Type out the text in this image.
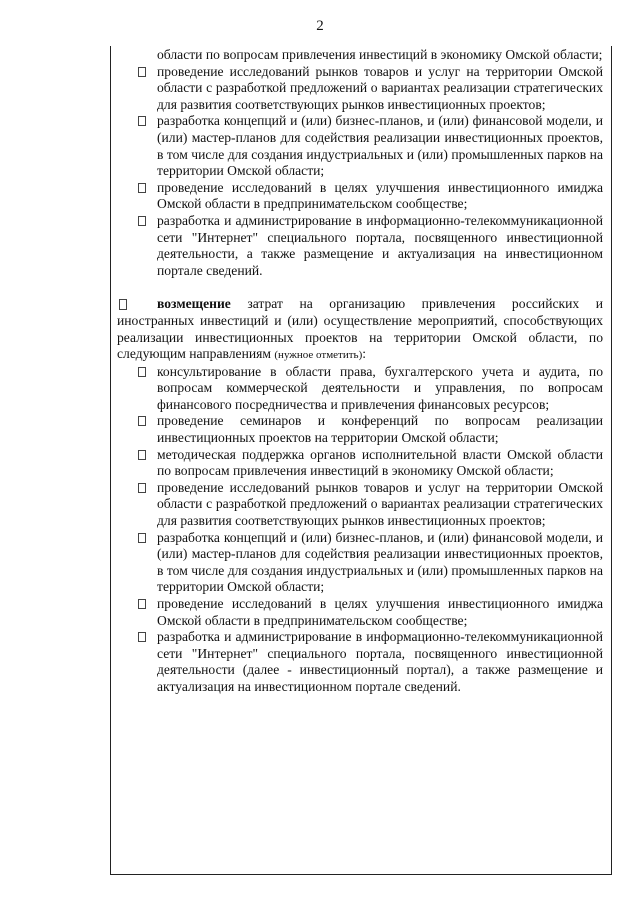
2
области по вопросам привлечения инвестиций в экономику Омской области;
проведение исследований рынков товаров и услуг на территории Омской области с разработкой предложений о вариантах реализации стратегических для развития соответствующих рынков инвестиционных проектов;
разработка концепций и (или) бизнес-планов, и (или) финансовой модели, и (или) мастер-планов для содействия реализации инвестиционных проектов, в том числе для создания индустриальных и (или) промышленных парков на территории Омской области;
проведение исследований в целях улучшения инвестиционного имиджа Омской области в предпринимательском сообществе;
разработка и администрирование в информационно-телекоммуникационной сети "Интернет" специального портала, посвященного инвестиционной деятельности, а также размещение и актуализация на инвестиционном портале сведений.
возмещение затрат на организацию привлечения российских и иностранных инвестиций и (или) осуществление мероприятий, способствующих реализации инвестиционных проектов на территории Омской области, по следующим направлениям (нужное отметить):
консультирование в области права, бухгалтерского учета и аудита, по вопросам коммерческой деятельности и управления, по вопросам финансового посредничества и привлечения финансовых ресурсов;
проведение семинаров и конференций по вопросам реализации инвестиционных проектов на территории Омской области;
методическая поддержка органов исполнительной власти Омской области по вопросам привлечения инвестиций в экономику Омской области;
проведение исследований рынков товаров и услуг на территории Омской области с разработкой предложений о вариантах реализации стратегических для развития соответствующих рынков инвестиционных проектов;
разработка концепций и (или) бизнес-планов, и (или) финансовой модели, и (или) мастер-планов для содействия реализации инвестиционных проектов, в том числе для создания индустриальных и (или) промышленных парков на территории Омской области;
проведение исследований в целях улучшения инвестиционного имиджа Омской области в предпринимательском сообществе;
разработка и администрирование в информационно-телекоммуникационной сети "Интернет" специального портала, посвященного инвестиционной деятельности (далее - инвестиционный портал), а также размещение и актуализация на инвестиционном портале сведений.
